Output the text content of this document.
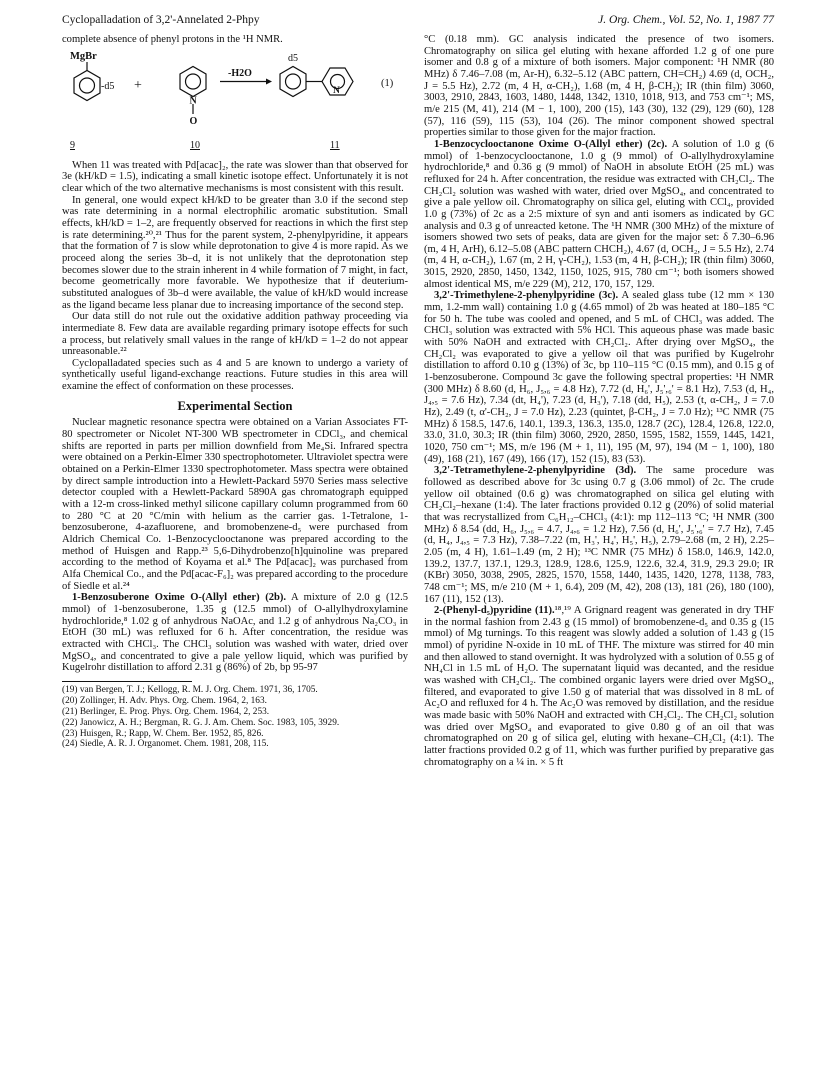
Cyclopalladation of 3,2'-Annelated 2-Phpy	J. Org. Chem., Vol. 52, No. 1, 1987 77

complete absence of phenyl protons in the ¹H NMR.

MgBr
-d5 +
N
O
-H2O
d5
N
(1)
9	10	11

When 11 was treated with Pd[acac]₂, the rate was slower than that observed for 3e (kH/kD = 1.5), indicating a small kinetic isotope effect. Unfortunately it is not clear which of the two alternative mechanisms is most consistent with this result.

In general, one would expect kH/kD to be greater than 3.0 if the second step was rate determining in a normal electrophilic aromatic substitution. Small effects, kH/kD = 1–2, are frequently observed for reactions in which the first step is rate determining.²⁰,²¹ Thus for the parent system, 2-phenylpyridine, it appears that the formation of 7 is slow while deprotonation to give 4 is more rapid. As we proceed along the series 3b–d, it is not unlikely that the deprotonation step becomes slower due to the strain inherent in 4 while formation of 7 might, in fact, become geometrically more favorable. We hypothesize that if deuterium-substituted analogues of 3b–d were available, the value of kH/kD would increase as the ligand became less planar due to increasing importance of the second step.

Our data still do not rule out the oxidative addition pathway proceeding via intermediate 8. Few data are available regarding primary isotope effects for such a process, but relatively small values in the range of kH/kD = 1–2 do not appear unreasonable.²²

Cyclopalladated species such as 4 and 5 are known to undergo a variety of synthetically useful ligand-exchange reactions. Future studies in this area will examine the effect of conformation on these processes.

Experimental Section

Nuclear magnetic resonance spectra were obtained on a Varian Associates FT-80 spectrometer or Nicolet NT-300 WB spectrometer in CDCl₃, and chemical shifts are reported in parts per million downfield from Me₄Si. Infrared spectra were obtained on a Perkin-Elmer 330 spectrophotometer. Ultraviolet spectra were obtained on a Perkin-Elmer 1330 spectrophotometer. Mass spectra were obtained by direct sample introduction into a Hewlett-Packard 5970 Series mass selective detector coupled with a Hewlett-Packard 5890A gas chromatograph equipped with a 12-m cross-linked methyl silicone capillary column programmed from 60 to 280 °C at 20 °C/min with helium as the carrier gas. 1-Tetralone, 1-benzosuberone, 4-azafluorene, and bromobenzene-d₅ were purchased from Aldrich Chemical Co. 1-Benzocyclooctanone was prepared according to the method of Huisgen and Rapp.²³ 5,6-Dihydrobenzo[h]quinoline was prepared according to the method of Koyama et al.⁸ The Pd[acac]₂ was purchased from Alfa Chemical Co., and the Pd[acac-F₆]₂ was prepared according to the procedure of Siedle et al.²⁴

1-Benzosuberone Oxime O-(Allyl ether) (2b). A mixture of 2.0 g (12.5 mmol) of 1-benzosuberone, 1.35 g (12.5 mmol) of O-allylhydroxylamine hydrochloride,⁸ 1.02 g of anhydrous NaOAc, and 1.2 g of anhydrous Na₂CO₃ in EtOH (30 mL) was refluxed for 6 h. After concentration, the residue was extracted with CHCl₃. The CHCl₃ solution was washed with water, dried over MgSO₄, and concentrated to give a pale yellow liquid, which was purified by Kugelrohr distillation to afford 2.31 g (86%) of 2b, bp 95-97

(19) van Bergen, T. J.; Kellogg, R. M. J. Org. Chem. 1971, 36, 1705.
(20) Zollinger, H. Adv. Phys. Org. Chem. 1964, 2, 163.
(21) Berlinger, E. Prog. Phys. Org. Chem. 1964, 2, 253.
(22) Janowicz, A. H.; Bergman, R. G. J. Am. Chem. Soc. 1983, 105, 3929.
(23) Huisgen, R.; Rapp, W. Chem. Ber. 1952, 85, 826.
(24) Siedle, A. R. J. Organomet. Chem. 1981, 208, 115.

°C (0.18 mm). GC analysis indicated the presence of two isomers. Chromatography on silica gel eluting with hexane afforded 1.2 g of one pure isomer and 0.8 g of a mixture of both isomers. Major component: ¹H NMR (80 MHz) δ 7.46–7.08 (m, Ar-H), 6.32–5.12 (ABC pattern, CH=CH₂) 4.69 (d, OCH₂, J = 5.5 Hz), 2.72 (m, 4 H, α-CH₂), 1.68 (m, 4 H, β-CH₂); IR (thin film) 3060, 3003, 2910, 2843, 1603, 1480, 1448, 1342, 1310, 1018, 913, and 753 cm⁻¹; MS, m/e 215 (M, 41), 214 (M − 1, 100), 200 (15), 143 (30), 132 (29), 129 (60), 128 (57), 116 (59), 115 (53), 104 (26). The minor component showed spectral properties similar to those given for the major fraction.

1-Benzocyclooctanone Oxime O-(Allyl ether) (2c). A solution of 1.0 g (6 mmol) of 1-benzocyclooctanone, 1.0 g (9 mmol) of O-allylhydroxylamine hydrochloride,⁸ and 0.36 g (9 mmol) of NaOH in absolute EtOH (25 mL) was refluxed for 24 h. After concentration, the residue was extracted with CH₂Cl₂. The CH₂Cl₂ solution was washed with water, dried over MgSO₄, and concentrated to give a pale yellow oil. Chromatography on silica gel, eluting with CCl₄, provided 1.0 g (73%) of 2c as a 2:5 mixture of syn and anti isomers as indicated by GC analysis and 0.3 g of unreacted ketone. The ¹H NMR (300 MHz) of the mixture of isomers showed two sets of peaks, data are given for the major set: δ 7.30–6.96 (m, 4 H, ArH), 6.12–5.08 (ABC pattern CHCH₂), 4.67 (d, OCH₂, J = 5.5 Hz), 2.74 (m, 4 H, α-CH₂), 1.67 (m, 2 H, γ-CH₂), 1.53 (m, 4 H, β-CH₂); IR (thin film) 3060, 3015, 2920, 2850, 1450, 1342, 1150, 1025, 915, 780 cm⁻¹; both isomers showed almost identical MS, m/e 229 (M), 212, 170, 157, 129.

3,2'-Trimethylene-2-phenylpyridine (3c). A sealed glass tube (12 mm × 130 mm, 1.2-mm wall) containing 1.0 g (4.65 mmol) of 2b was heated at 180–185 °C for 50 h. The tube was cooled and opened, and 5 mL of CHCl₃ was added. The CHCl₃ solution was extracted with 5% HCl. This aqueous phase was made basic with 50% NaOH and extracted with CH₂Cl₂. After drying over MgSO₄, the CH₂Cl₂ was evaporated to give a yellow oil that was purified by Kugelrohr distillation to afford 0.10 g (13%) of 3c, bp 110–115 °C (0.15 mm), and 0.15 g of 1-benzosuberone. Compound 3c gave the following spectral properties: ¹H NMR (300 MHz) δ 8.60 (d, H₆, J₅,₆ = 4.8 Hz), 7.72 (d, H₆', J₅',₆' = 8.1 Hz), 7.53 (d, H₄, J₄,₅ = 7.6 Hz), 7.34 (dt, H₄'), 7.23 (d, H₃'), 7.18 (dd, H₅), 2.53 (t, α-CH₂, J = 7.0 Hz), 2.49 (t, α'-CH₂, J = 7.0 Hz), 2.23 (quintet, β-CH₂, J = 7.0 Hz); ¹³C NMR (75 MHz) δ 158.5, 147.6, 140.1, 139.3, 136.3, 135.0, 128.7 (2C), 128.4, 126.8, 122.0, 33.0, 31.0, 30.3; IR (thin film) 3060, 2920, 2850, 1595, 1582, 1559, 1445, 1421, 1020, 750 cm⁻¹; MS, m/e 196 (M + 1, 11), 195 (M, 97), 194 (M − 1, 100), 180 (49), 168 (21), 167 (49), 166 (17), 152 (15), 83 (53).

3,2'-Tetramethylene-2-phenylpyridine (3d). The same procedure was followed as described above for 3c using 0.7 g (3.06 mmol) of 2c. The crude yellow oil obtained (0.6 g) was chromatographed on silica gel eluting with CH₂Cl₂–hexane (1:4). The later fractions provided 0.12 g (20%) of solid material that was recrystallized from C₆H₁₂–CHCl₃ (4:1): mp 112–113 °C; ¹H NMR (300 MHz) δ 8.54 (dd, H₆, J₅,₆ = 4.7, J₄,₆ = 1.2 Hz), 7.56 (d, H₆', J₅',₆' = 7.7 Hz), 7.45 (d, H₄, J₄,₅ = 7.3 Hz), 7.38–7.22 (m, H₃', H₄', H₅', H₅), 2.79–2.68 (m, 2 H), 2.25–2.05 (m, 4 H), 1.61–1.49 (m, 2 H); ¹³C NMR (75 MHz) δ 158.0, 146.9, 142.0, 139.2, 137.7, 137.1, 129.3, 128.9, 128.6, 125.9, 122.6, 32.4, 31.9, 29.3 29.0; IR (KBr) 3050, 3038, 2905, 2825, 1570, 1558, 1440, 1435, 1420, 1278, 1138, 783, 748 cm⁻¹; MS, m/e 210 (M + 1, 6.4), 209 (M, 42), 208 (13), 181 (26), 180 (100), 167 (11), 152 (13).

2-(Phenyl-d₅)pyridine (11).¹⁸,¹⁹ A Grignard reagent was generated in dry THF in the normal fashion from 2.43 g (15 mmol) of bromobenzene-d₅ and 0.35 g (15 mmol) of Mg turnings. To this reagent was slowly added a solution of 1.43 g (15 mmol) of pyridine N-oxide in 10 mL of THF. The mixture was stirred for 40 min and then allowed to stand overnight. It was hydrolyzed with a solution of 0.55 g of NH₄Cl in 1.5 mL of H₂O. The supernatant liquid was decanted, and the residue was washed with CH₂Cl₂. The combined organic layers were dried over MgSO₄, filtered, and evaporated to give 1.50 g of material that was dissolved in 8 mL of Ac₂O and refluxed for 4 h. The Ac₂O was removed by distillation, and the residue was made basic with 50% NaOH and extracted with CH₂Cl₂. The CH₂Cl₂ solution was dried over MgSO₄ and evaporated to give 0.80 g of an oil that was chromatographed on 20 g of silica gel, eluting with hexane–CH₂Cl₂ (4:1). The latter fractions provided 0.2 g of 11, which was further purified by preparative gas chromatography on a ¼ in. × 5 ft
